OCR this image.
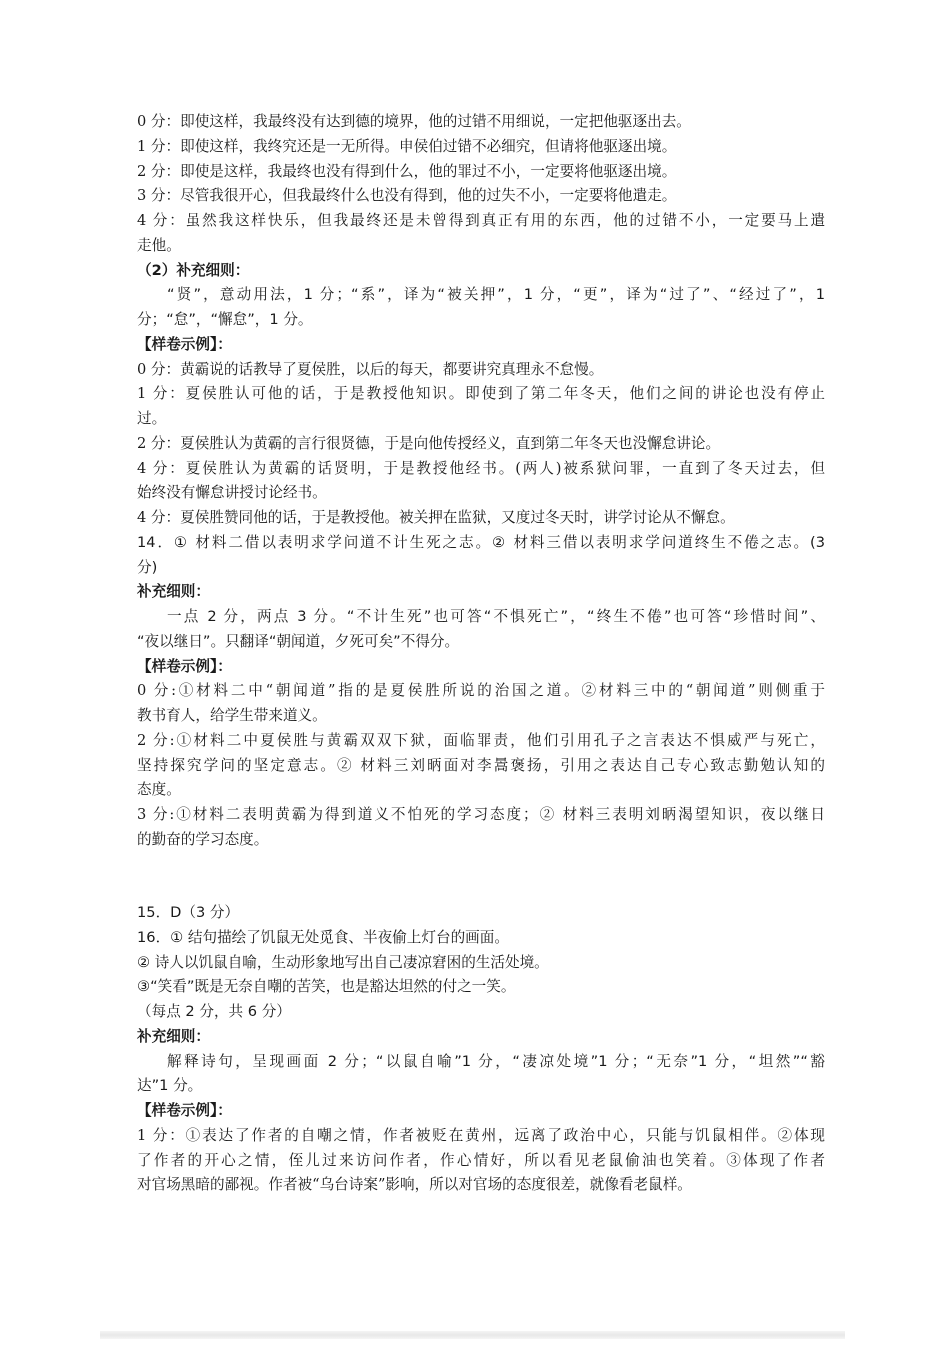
0 分：即使这样，我最终没有达到德的境界，他的过错不用细说，一定把他驱逐出去。
1 分：即使这样，我终究还是一无所得。申侯伯过错不必细究，但请将他驱逐出境。
2 分：即使是这样，我最终也没有得到什么，他的罪过不小，一定要将他驱逐出境。
3 分：尽管我很开心，但我最终什么也没有得到，他的过失不小，一定要将他遣走。
4 分：虽然我这样快乐，但我最终还是未曾得到真正有用的东西，他的过错不小，一定要马上遣
走他。
（2）补充细则：
“贤”，意动用法，1 分；“系”，译为“被关押”，1 分，“更”，译为“过了”、“经过了”，1
分；“怠”，“懈怠”，1 分。
【样卷示例】：
0 分：黄霸说的话教导了夏侯胜，以后的每天，都要讲究真理永不怠慢。
1 分：夏侯胜认可他的话，于是教授他知识。即使到了第二年冬天，他们之间的讲论也没有停止
过。
2 分：夏侯胜认为黄霸的言行很贤德，于是向他传授经义，直到第二年冬天也没懈怠讲论。
4 分：夏侯胜认为黄霸的话贤明，于是教授他经书。(两人)被系狱问罪，一直到了冬天过去，但
始终没有懈怠讲授讨论经书。
4 分：夏侯胜赞同他的话，于是教授他。被关押在监狱，又度过冬天时，讲学讨论从不懈怠。
14．① 材料二借以表明求学问道不计生死之志。② 材料三借以表明求学问道终生不倦之志。(3
分)
补充细则：
一点 2 分，两点 3 分。“不计生死”也可答“不惧死亡”，“终生不倦”也可答“珍惜时间”、
“夜以继日”。只翻译“朝闻道，夕死可矣”不得分。
【样卷示例】：
0 分:①材料二中“朝闻道”指的是夏侯胜所说的治国之道。②材料三中的“朝闻道”则侧重于
教书育人，给学生带来道义。
2 分:①材料二中夏侯胜与黄霸双双下狱，面临罪责，他们引用孔子之言表达不惧威严与死亡，
坚持探究学问的坚定意志。② 材料三刘昞面对李暠褒扬，引用之表达自己专心致志勤勉认知的
态度。
3 分:①材料二表明黄霸为得到道义不怕死的学习态度；② 材料三表明刘昞渴望知识，夜以继日
的勤奋的学习态度。
15．D（3 分）
16．① 结句描绘了饥鼠无处觅食、半夜偷上灯台的画面。
② 诗人以饥鼠自喻，生动形象地写出自己凄凉窘困的生活处境。
③“笑看”既是无奈自嘲的苦笑，也是豁达坦然的付之一笑。
（每点 2 分，共 6 分）
补充细则：
解释诗句，呈现画面 2 分；“以鼠自喻”1 分，“凄凉处境”1 分；“无奈”1 分，“坦然”“豁
达”1 分。
【样卷示例】：
1 分：①表达了作者的自嘲之情，作者被贬在黄州，远离了政治中心，只能与饥鼠相伴。②体现
了作者的开心之情，侄儿过来访问作者，作心情好，所以看见老鼠偷油也笑着。③体现了作者
对官场黑暗的鄙视。作者被“乌台诗案”影响，所以对官场的态度很差，就像看老鼠样。
